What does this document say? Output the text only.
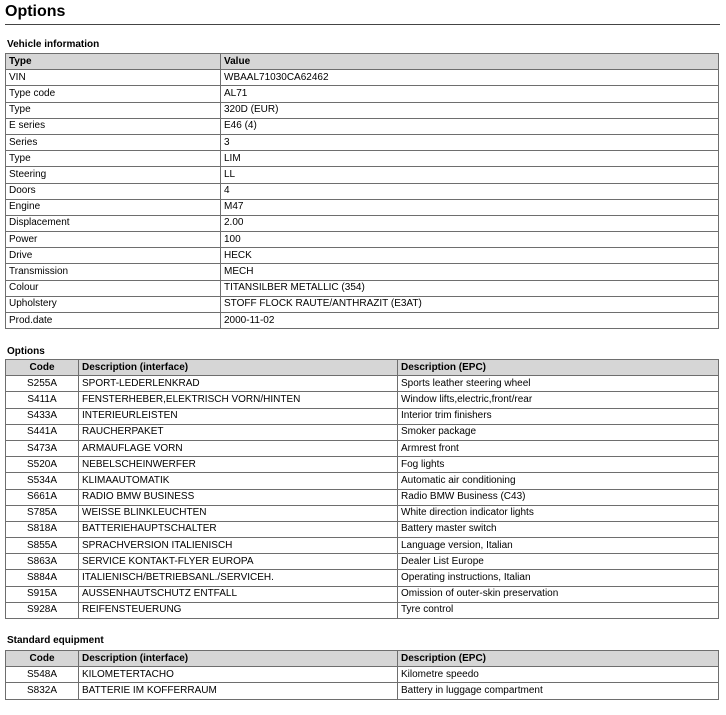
Options
Vehicle information
Type	Value
VIN	WBAAL71030CA62462
Type code	AL71
Type	320D (EUR)
E series	E46 (4)
Series	3
Type	LIM
Steering	LL
Doors	4
Engine	M47
Displacement	2.00
Power	100
Drive	HECK
Transmission	MECH
Colour	TITANSILBER METALLIC (354)
Upholstery	STOFF FLOCK RAUTE/ANTHRAZIT (E3AT)
Prod.date	2000-11-02
Options
Code	Description (interface)	Description (EPC)
S255A	SPORT-LEDERLENKRAD	Sports leather steering wheel
S411A	FENSTERHEBER,ELEKTRISCH VORN/HINTEN	Window lifts,electric,front/rear
S433A	INTERIEURLEISTEN	Interior trim finishers
S441A	RAUCHERPAKET	Smoker package
S473A	ARMAUFLAGE VORN	Armrest front
S520A	NEBELSCHEINWERFER	Fog lights
S534A	KLIMAAUTOMATIK	Automatic air conditioning
S661A	RADIO BMW BUSINESS	Radio BMW Business (C43)
S785A	WEISSE BLINKLEUCHTEN	White direction indicator lights
S818A	BATTERIEHAUPTSCHALTER	Battery master switch
S855A	SPRACHVERSION ITALIENISCH	Language version, Italian
S863A	SERVICE KONTAKT-FLYER EUROPA	Dealer List Europe
S884A	ITALIENISCH/BETRIEBSANL./SERVICEH.	Operating instructions, Italian
S915A	AUSSENHAUTSCHUTZ ENTFALL	Omission of outer-skin preservation
S928A	REIFENSTEUERUNG	Tyre control
Standard equipment
Code	Description (interface)	Description (EPC)
S548A	KILOMETERTACHO	Kilometre speedo
S832A	BATTERIE IM KOFFERRAUM	Battery in luggage compartment
